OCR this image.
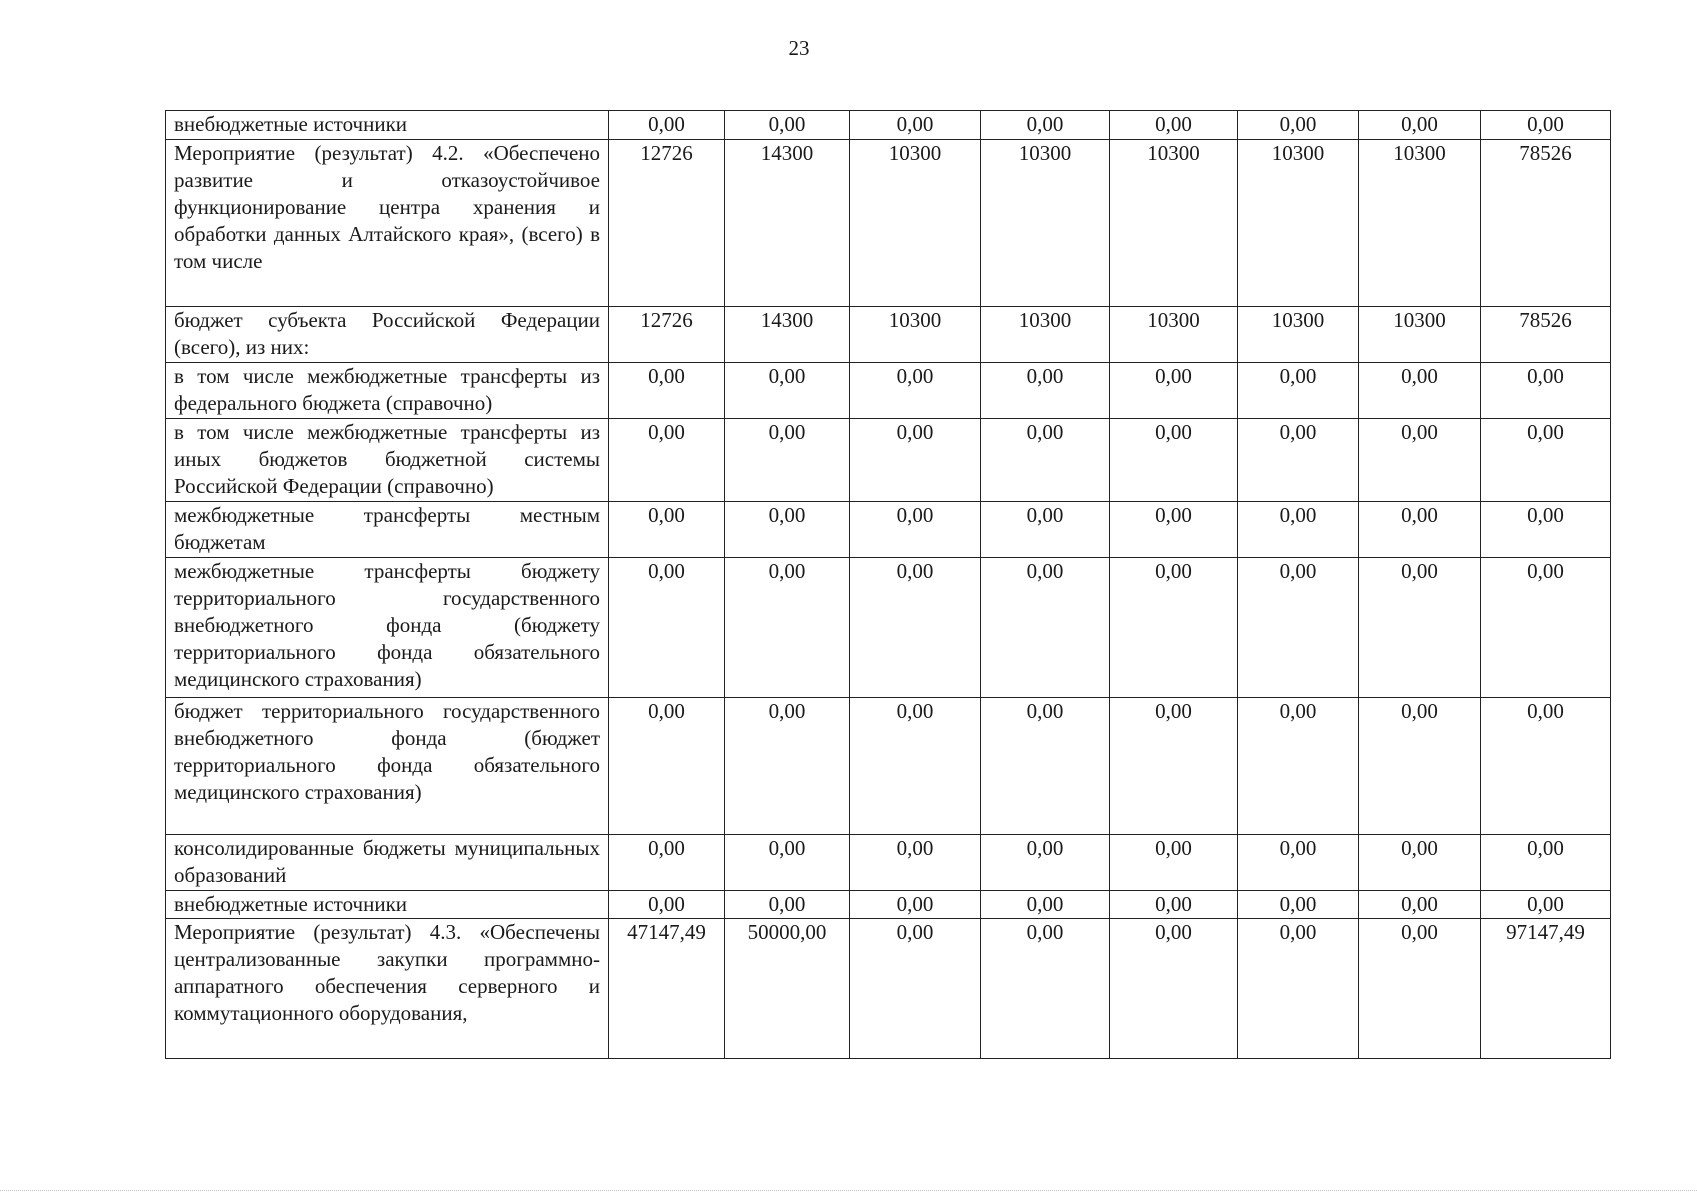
23
внебюджетные источники	0,00	0,00	0,00	0,00	0,00	0,00	0,00	0,00
Мероприятие (результат) 4.2. «Обеспечено развитие и отказоустойчивое функционирование центра хранения и обработки данных Алтайского края», (всего) в том числе	12726	14300	10300	10300	10300	10300	10300	78526
бюджет субъекта Российской Федерации (всего), из них:	12726	14300	10300	10300	10300	10300	10300	78526
в том числе межбюджетные трансферты из федерального бюджета (справочно)	0,00	0,00	0,00	0,00	0,00	0,00	0,00	0,00
в том числе межбюджетные трансферты из иных бюджетов бюджетной системы Российской Федерации (справочно)	0,00	0,00	0,00	0,00	0,00	0,00	0,00	0,00
межбюджетные трансферты местным бюджетам	0,00	0,00	0,00	0,00	0,00	0,00	0,00	0,00
межбюджетные трансферты бюджету территориального государственного внебюджетного фонда (бюджету территориального фонда обязательного медицинского страхования)	0,00	0,00	0,00	0,00	0,00	0,00	0,00	0,00
бюджет территориального государственного внебюджетного фонда (бюджет территориального фонда обязательного медицинского страхования)	0,00	0,00	0,00	0,00	0,00	0,00	0,00	0,00
консолидированные бюджеты муниципальных образований	0,00	0,00	0,00	0,00	0,00	0,00	0,00	0,00
внебюджетные источники	0,00	0,00	0,00	0,00	0,00	0,00	0,00	0,00
Мероприятие (результат) 4.3. «Обеспечены централизованные закупки программно-аппаратного обеспечения серверного и коммутационного оборудования,	47147,49	50000,00	0,00	0,00	0,00	0,00	0,00	97147,49
